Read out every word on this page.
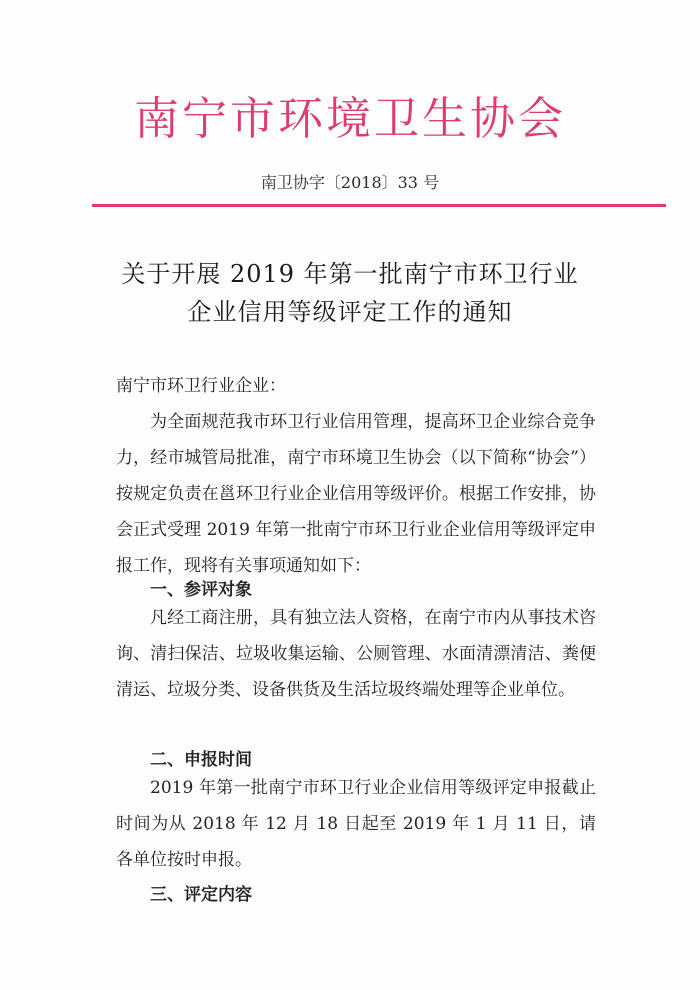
南宁市环境卫生协会
南卫协字〔2018〕33 号
关于开展 2019 年第一批南宁市环卫行业
企业信用等级评定工作的通知
南宁市环卫行业企业：
为全面规范我市环卫行业信用管理，提高环卫企业综合竞争力，经市城管局批准，南宁市环境卫生协会（以下简称“协会”）按规定负责在邕环卫行业企业信用等级评价。根据工作安排，协会正式受理 2019 年第一批南宁市环卫行业企业信用等级评定申报工作，现将有关事项通知如下：
一、参评对象
凡经工商注册，具有独立法人资格，在南宁市内从事技术咨询、清扫保洁、垃圾收集运输、公厕管理、水面清漂清洁、粪便清运、垃圾分类、设备供货及生活垃圾终端处理等企业单位。
二、申报时间
2019 年第一批南宁市环卫行业企业信用等级评定申报截止时间为从 2018 年 12 月 18 日起至 2019 年 1 月 11 日，请各单位按时申报。
三、评定内容
